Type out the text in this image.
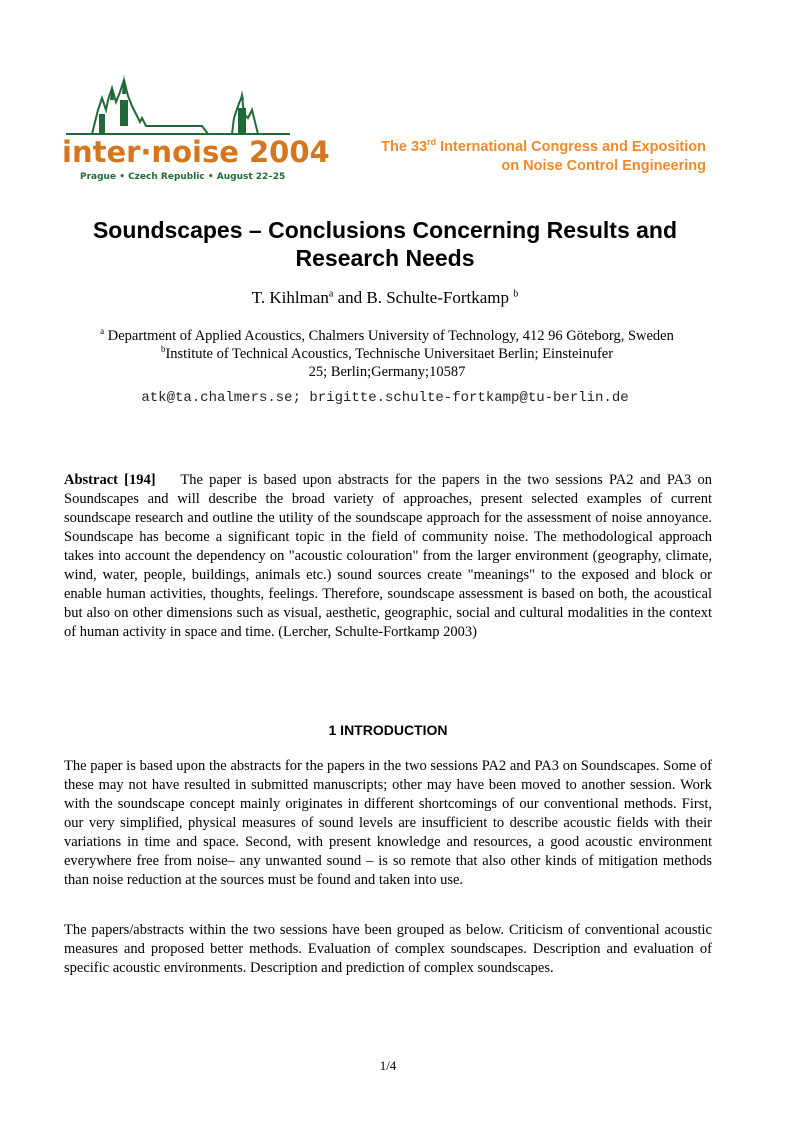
inter·noise 2004
Prague • Czech Republic • August 22–25
The 33rd International Congress and Exposition
on Noise Control Engineering
Soundscapes – Conclusions Concerning Results and Research Needs
T. Kihlman$^a$ and B. Schulte-Fortkamp $^b$

$^a$ Department of Applied Acoustics, Chalmers University of Technology, 412 96 Göteborg, Sweden

$^b$Institute of Technical Acoustics, Technische Universitaet Berlin; Einsteinufer 25; Berlin;Germany;10587

atk@ta.chalmers.se; brigitte.schulte-fortkamp@tu-berlin.de

Abstract [194] The paper is based upon abstracts for the papers in the two sessions PA2 and PA3 on Soundscapes and will describe the broad variety of approaches, present selected examples of current soundscape research and outline the utility of the soundscape approach for the assessment of noise annoyance. Soundscape has become a significant topic in the field of community noise. The methodological approach takes into account the dependency on "acoustic colouration" from the larger environment (geography, climate, wind, water, people, buildings, animals etc.) sound sources create "meanings" to the exposed and block or enable human activities, thoughts, feelings. Therefore, soundscape assessment is based on both, the acoustical but also on other dimensions such as visual, aesthetic, geographic, social and cultural modalities in the context of human activity in space and time. (Lercher, Schulte-Fortkamp 2003)

1 INTRODUCTION

The paper is based upon the abstracts for the papers in the two sessions PA2 and PA3 on Soundscapes. Some of these may not have resulted in submitted manuscripts; other may have been moved to another session. Work with the soundscape concept mainly originates in different shortcomings of our conventional methods. First, our very simplified, physical measures of sound levels are insufficient to describe acoustic fields with their variations in time and space. Second, with present knowledge and resources, a good acoustic environment everywhere free from noise– any unwanted sound – is so remote that also other kinds of mitigation methods than noise reduction at the sources must be found and taken into use.

The papers/abstracts within the two sessions have been grouped as below. Criticism of conventional acoustic measures and proposed better methods. Evaluation of complex soundscapes. Description and evaluation of specific acoustic environments. Description and prediction of complex soundscapes.

1/4
